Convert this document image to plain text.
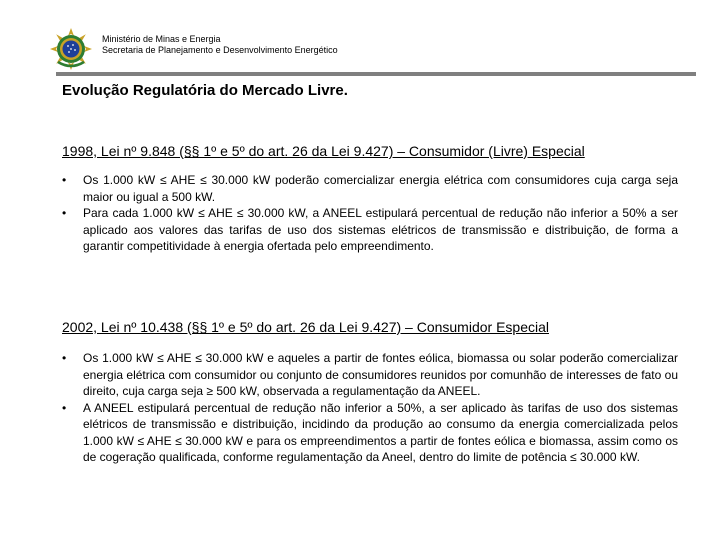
Ministério de Minas e Energia
Secretaria de Planejamento e Desenvolvimento Energético
Evolução Regulatória do Mercado Livre.
1998, Lei nº 9.848 (§§ 1º e 5º do art. 26 da Lei 9.427) – Consumidor (Livre) Especial
• Os 1.000 kW ≤ AHE ≤ 30.000 kW poderão comercializar energia elétrica com consumidores cuja carga seja maior ou igual a 500 kW.
• Para cada 1.000 kW ≤ AHE ≤ 30.000 kW, a ANEEL estipulará percentual de redução não inferior a 50% a ser aplicado aos valores das tarifas de uso dos sistemas elétricos de transmissão e distribuição, de forma a garantir competitividade à energia ofertada pelo empreendimento.
2002, Lei nº 10.438 (§§ 1º e 5º do art. 26 da Lei 9.427) – Consumidor Especial
• Os 1.000 kW ≤ AHE ≤ 30.000 kW e aqueles a partir de fontes eólica, biomassa ou solar poderão comercializar energia elétrica com consumidor ou conjunto de consumidores reunidos por comunhão de interesses de fato ou direito, cuja carga seja ≥ 500 kW, observada a regulamentação da ANEEL.
• A ANEEL estipulará percentual de redução não inferior a 50%, a ser aplicado às tarifas de uso dos sistemas elétricos de transmissão e distribuição, incidindo da produção ao consumo da energia comercializada pelos 1.000 kW ≤ AHE ≤ 30.000 kW e para os empreendimentos a partir de fontes eólica e biomassa, assim como os de cogeração qualificada, conforme regulamentação da Aneel, dentro do limite de potência ≤ 30.000 kW.
